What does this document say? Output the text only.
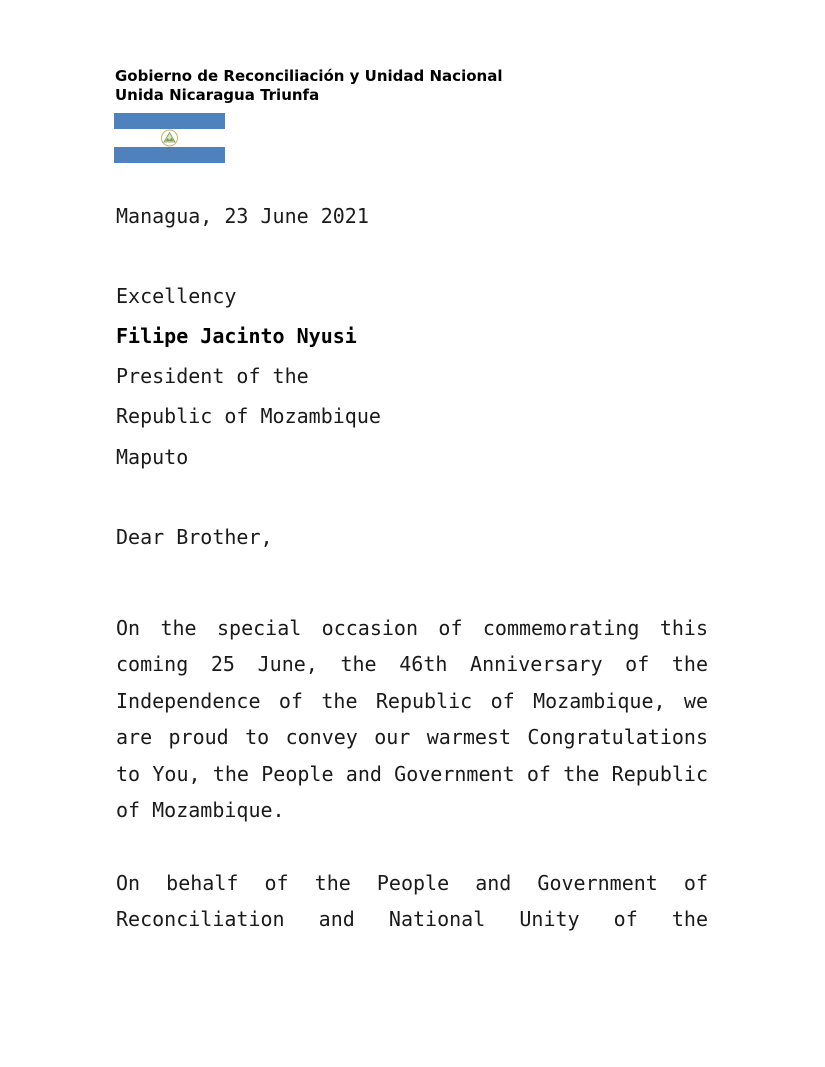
Gobierno de Reconciliación y Unidad Nacional
Unida Nicaragua Triunfa
Managua, 23 June 2021
Excellency
Filipe Jacinto Nyusi
President of the
Republic of Mozambique
Maputo
Dear Brother,
On the special occasion of commemorating this coming 25 June, the 46th Anniversary of the Independence of the Republic of Mozambique, we are proud to convey our warmest Congratulations to You, the People and Government of the Republic of Mozambique.
On behalf of the People and Government of Reconciliation and National Unity of the
